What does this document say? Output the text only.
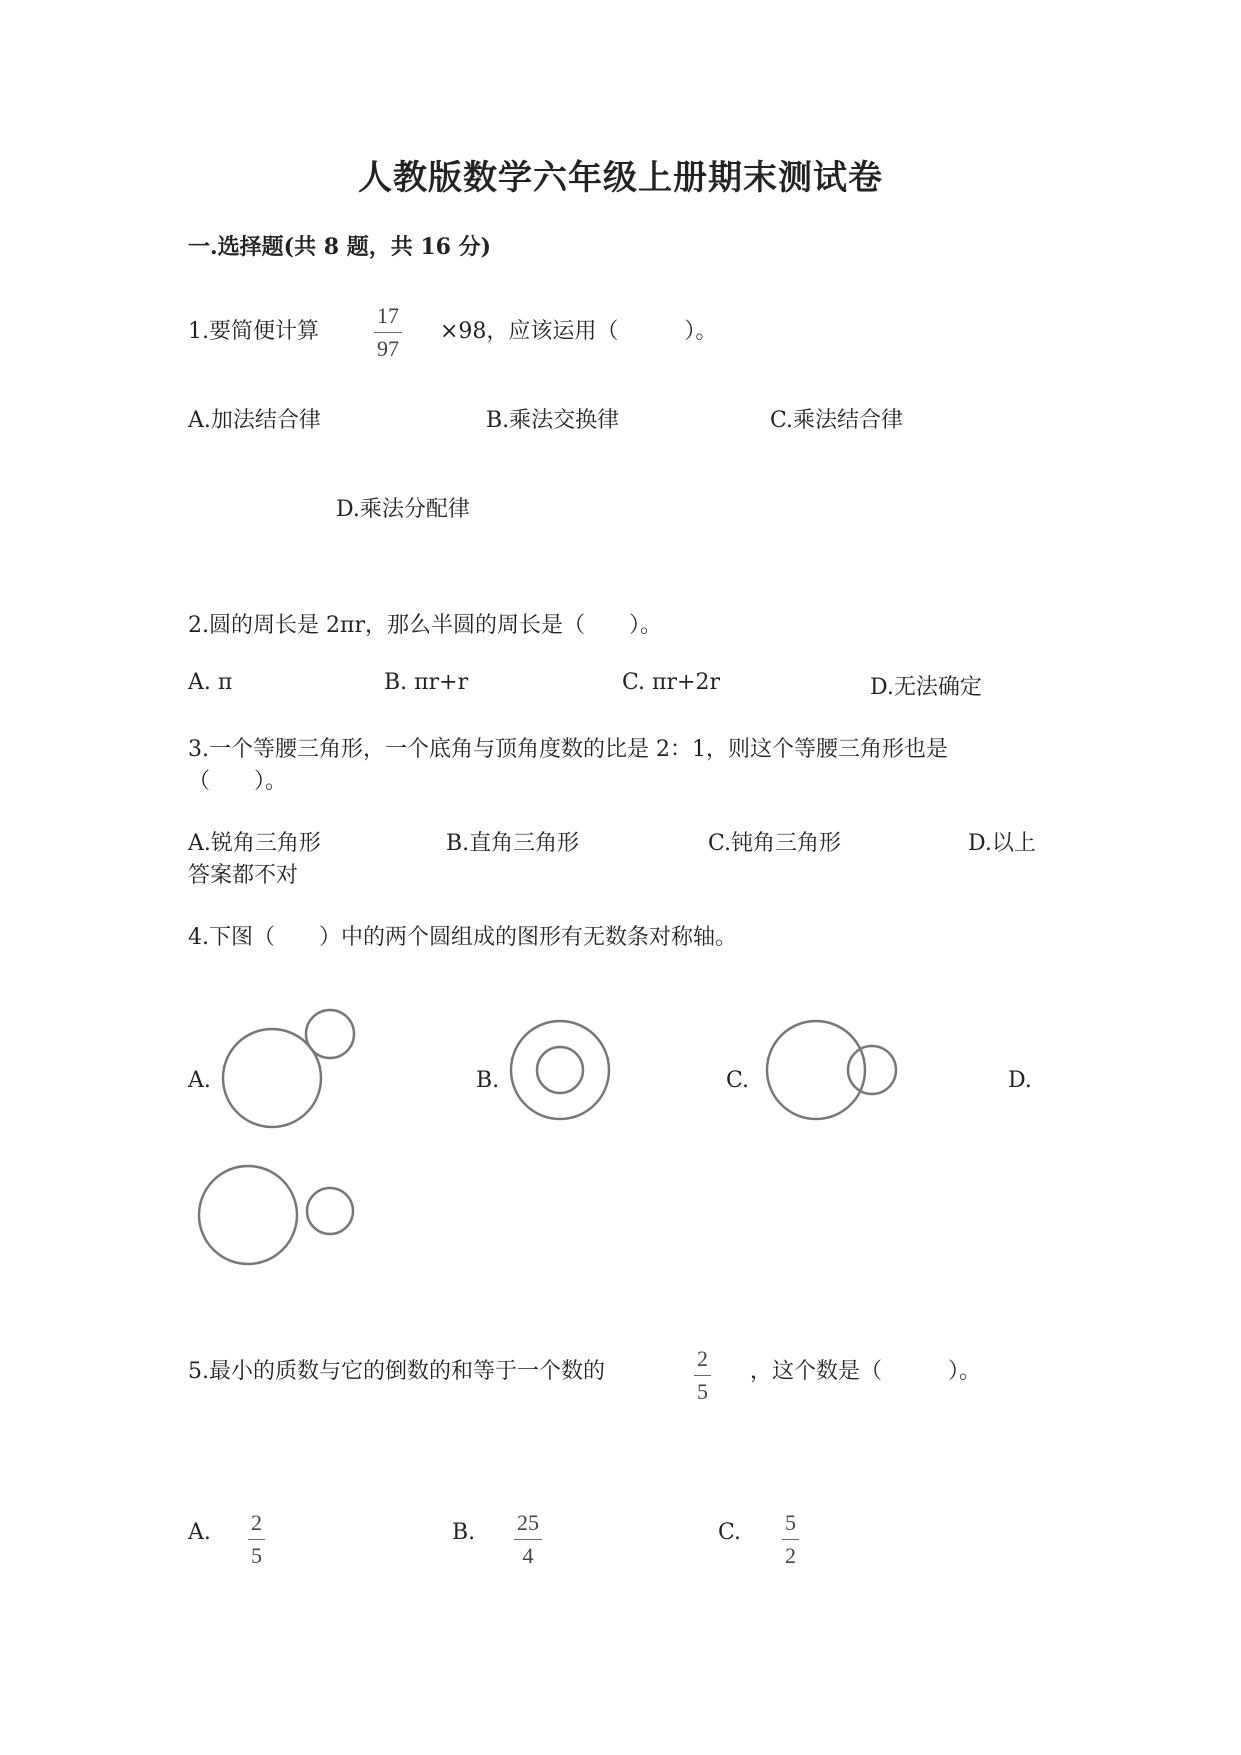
人教版数学六年级上册期末测试卷
一.选择题(共 8 题，共 16 分)
1.要简便计算
17
97
×98，应该运用（　　　）。
A.加法结合律	B.乘法交换律	C.乘法结合律
D.乘法分配律
2.圆的周长是 2πr，那么半圆的周长是（　　）。
A. π	B. πr+r	C. πr+2r	D.无法确定
3.一个等腰三角形，一个底角与顶角度数的比是 2：1，则这个等腰三角形也是
（　　）。
A.锐角三角形	B.直角三角形	C.钝角三角形	D.以上
答案都不对
4.下图（　　）中的两个圆组成的图形有无数条对称轴。
A.	B.	C.	D.
5.最小的质数与它的倒数的和等于一个数的
2
5
，这个数是（　　　）。
A. 2
5
B. 25
4
C. 5
2
